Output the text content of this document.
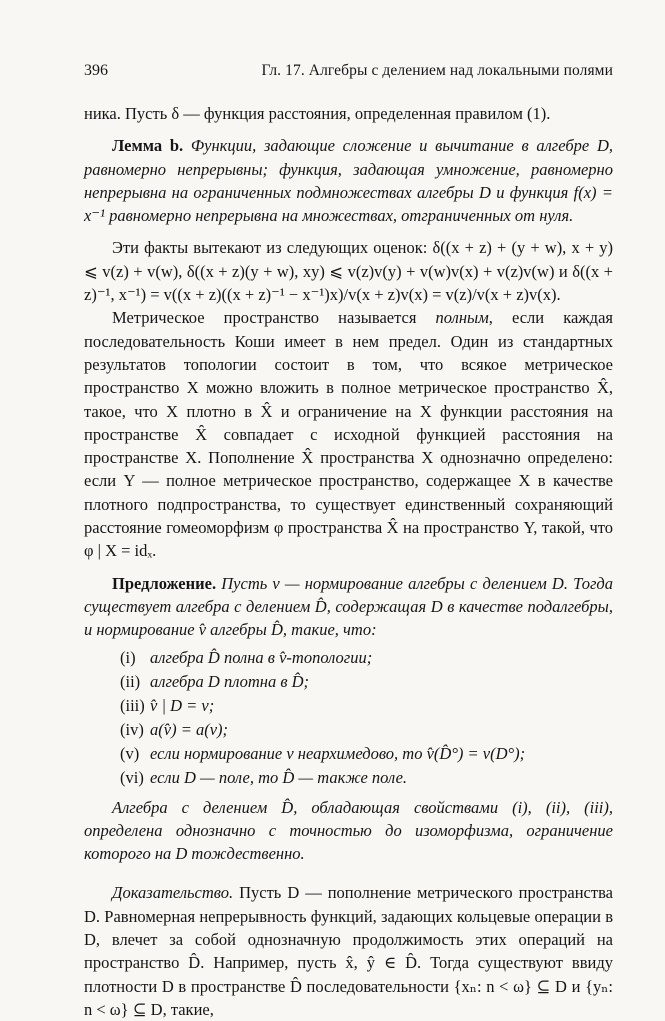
396	Гл. 17. Алгебры с делением над локальными полями

ника. Пусть δ — функция расстояния, определенная правилом (1).

Лемма b. Функции, задающие сложение и вычитание в алгебре D, равномерно непрерывны; функция, задающая умножение, равномерно непрерывна на ограниченных подмножествах алгебры D и функция f(x) = x⁻¹ равномерно непрерывна на множествах, отграниченных от нуля.

Эти факты вытекают из следующих оценок: δ((x + z) + (y + w), x + y) ⩽ v(z) + v(w), δ((x + z)(y + w), xy) ⩽ v(z)v(y) + v(w)v(x) + v(z)v(w) и δ((x + z)⁻¹, x⁻¹) = v((x + z)((x + z)⁻¹ − x⁻¹)x)/v(x + z)v(x) = v(z)/v(x + z)v(x).

Метрическое пространство называется полным, если каждая последовательность Коши имеет в нем предел. Один из стандартных результатов топологии состоит в том, что всякое метрическое пространство X можно вложить в полное метрическое пространство X̂, такое, что X плотно в X̂ и ограничение на X функции расстояния на пространстве X̂ совпадает с исходной функцией расстояния на пространстве X. Пополнение X̂ пространства X однозначно определено: если Y — полное метрическое пространство, содержащее X в качестве плотного подпространства, то существует единственный сохраняющий расстояние гомеоморфизм φ пространства X̂ на пространство Y, такой, что φ | X = idₓ.

Предложение. Пусть v — нормирование алгебры с делением D. Тогда существует алгебра с делением D̂, содержащая D в качестве подалгебры, и нормирование v̂ алгебры D̂, такие, что:

(i) алгебра D̂ полна в v̂-топологии;
(ii) алгебра D плотна в D̂;
(iii) v̂ | D = v;
(iv) a(v̂) = a(v);
(v) если нормирование v неархимедово, то v̂(D̂°) = v(D°);
(vi) если D — поле, то D̂ — также поле.

Алгебра с делением D̂, обладающая свойствами (i), (ii), (iii), определена однозначно с точностью до изоморфизма, ограничение которого на D тождественно.

Доказательство. Пусть D — пополнение метрического пространства D. Равномерная непрерывность функций, задающих кольцевые операции в D, влечет за собой однозначную продолжимость этих операций на пространство D̂. Например, пусть x̂, ŷ ∈ D̂. Тогда существуют ввиду плотности D в пространстве D̂ последовательности {xₙ: n < ω} ⊆ D и {yₙ: n < ω} ⊆ D, такие,
